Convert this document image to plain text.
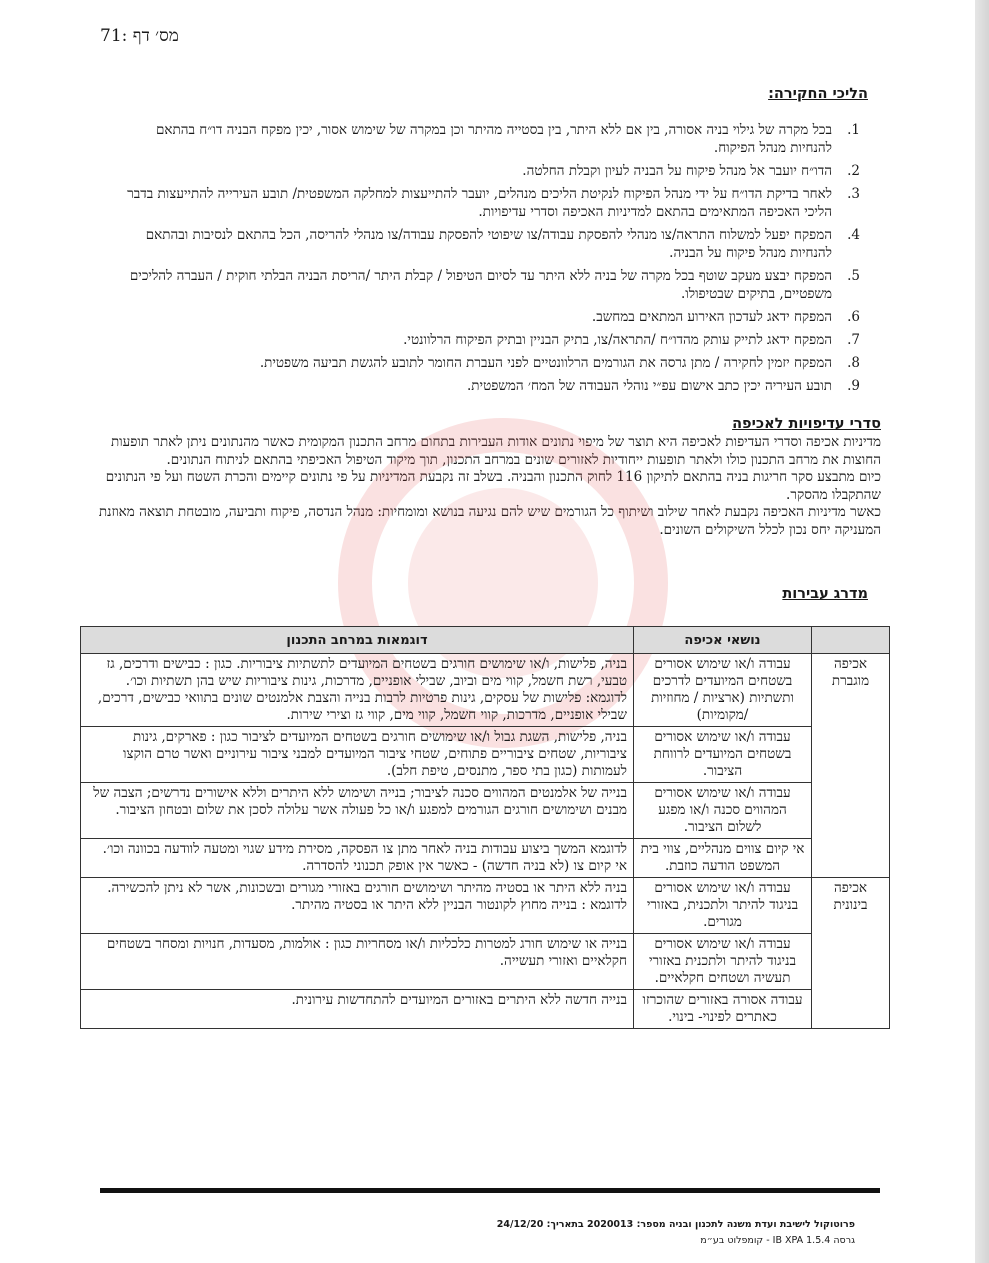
מס׳ דף :71
הליכי החקירה:
1.
בכל מקרה של גילוי בניה אסורה, בין אם ללא היתר, בין בסטייה מהיתר וכן במקרה של שימוש אסור, יכין מפקח הבניה דו״ח בהתאם להנחיות מנהל הפיקוח.
2.
הדו״ח יועבר אל מנהל פיקוח על הבניה לעיון וקבלת החלטה.
3.
לאחר בדיקת הדו״ח על ידי מנהל הפיקוח לנקיטת הליכים מנהלים, יועבר להתייעצות למחלקה המשפטית/ תובע העירייה להתייעצות בדבר הליכי האכיפה המתאימים בהתאם למדיניות האכיפה וסדרי עדיפויות.
4.
המפקח יפעל למשלוח התראה/צו מנהלי להפסקת עבודה/צו שיפוטי להפסקת עבודה/צו מנהלי להריסה, הכל בהתאם לנסיבות ובהתאם להנחיות מנהל פיקוח על הבניה.
5.
המפקח יבצע מעקב שוטף בכל מקרה של בניה ללא היתר עד לסיום הטיפול / קבלת היתר /הריסת הבניה הבלתי חוקית / העברה להליכים משפטיים, בתיקים שבטיפולו.
6.
המפקח ידאג לעדכון האירוע המתאים במחשב.
7.
המפקח ידאג לתייק עותק מהדו״ח /התראה/צו, בתיק הבניין ובתיק הפיקוח הרלוונטי.
8.
המפקח יזמין לחקירה / מתן גרסה את הגורמים הרלוונטיים לפני העברת החומר לתובע להגשת תביעה משפטית.
9.
תובע העיריה יכין כתב אישום עפ״י נוהלי העבודה של המח׳ המשפטית.
סדרי עדיפויות לאכיפה

מדיניות אכיפה וסדרי העדיפות לאכיפה היא תוצר של מיפוי נתונים אודות העבירות בתחום מרחב התכנון המקומית כאשר מהנתונים ניתן לאתר תופעות החוצות את מרחב התכנון כולו ולאתר תופעות ייחודיות לאזורים שונים במרחב התכנון, תוך מיקוד הטיפול האכיפתי בהתאם לניתוח הנתונים.

כיום מתבצע סקר חריגות בניה בהתאם לתיקון 116 לחוק התכנון והבניה. בשלב זה נקבעת המדיניות על פי נתונים קיימים והכרת השטח ועל פי הנתונים שהתקבלו מהסקר.

כאשר מדיניות האכיפה נקבעת לאחר שילוב ושיתוף כל הגורמים שיש להם נגיעה בנושא ומומחיות: מנהל הנדסה, פיקוח ותביעה, מובטחת תוצאה מאוזנת המעניקה יחס נכון לכלל השיקולים השונים.

מדרג עבירות
	נושאי אכיפה	דוגמאות במרחב התכנון
אכיפה מוגברת	עבודה ו/או שימוש אסורים בשטחים המיועדים לדרכים ותשתיות (ארציות / מחוזיות /מקומיות)	בניה, פלישות, ו/או שימושים חורגים בשטחים המיועדים לתשתיות ציבוריות. כגון : כבישים ודרכים, גז טבעי, רשת חשמל, קווי מים וביוב, שבילי אופניים, מדרכות, גינות ציבוריות שיש בהן תשתיות וכו׳. לדוגמא: פלישות של עסקים, גינות פרטיות לרבות בנייה והצבת אלמנטים שונים בתוואי כבישים, דרכים, שבילי אופניים, מדרכות, קווי חשמל, קווי מים, קווי גז וצירי שירות.
	עבודה ו/או שימוש אסורים בשטחים המיועדים לרווחת הציבור.	בניה, פלישות, השגת גבול ו/או שימושים חורגים בשטחים המיועדים לציבור כגון : פארקים, גינות ציבוריות, שטחים ציבוריים פתוחים, שטחי ציבור המיועדים למבני ציבור עירוניים ואשר טרם הוקצו לעמותות (כגון בתי ספר, מתנסים, טיפת חלב).
	עבודה ו/או שימוש אסורים המהווים סכנה ו/או מפגע לשלום הציבור.	בנייה של אלמנטים המהווים סכנה לציבור; בנייה ושימוש ללא היתרים וללא אישורים נדרשים; הצבה של מבנים ושימושים חורגים הגורמים למפגע ו/או כל פעולה אשר עלולה לסכן את שלום ובטחון הציבור.
	אי קיום צווים מנהליים, צווי בית המשפט הודעה כוזבת.	לדוגמא המשך ביצוע עבודות בניה לאחר מתן צו הפסקה, מסירת מידע שגוי ומטעה לוודעה בכוונה וכו׳. אי קיום צו (לא בניה חדשה) - כאשר אין אופק תכנוני להסדרה.
אכיפה בינונית	עבודה ו/או שימוש אסורים בניגוד להיתר ולתכנית, באזורי מגורים.	בניה ללא היתר או בסטיה מהיתר ושימושים חורגים באזורי מגורים ובשכונות, אשר לא ניתן להכשירה. לדוגמא : בנייה מחוץ לקונטור הבניין ללא היתר או בסטיה מהיתר.
	עבודה ו/או שימוש אסורים בניגוד להיתר ולתכנית באזורי תעשיה ושטחים חקלאיים.	בנייה או שימוש חורג למטרות כלכליות ו/או מסחריות כגון : אולמות, מסעדות, חנויות ומסחר בשטחים חקלאיים ואזורי תעשייה.
	עבודה אסורה באזורים שהוכרזו כאתרים לפינוי- בינוי.	בנייה חדשה ללא היתרים באזורים המיועדים להתחדשות עירונית.
פרוטוקול לישיבת ועדת משנה לתכנון ובניה מספר: 2020013 בתאריך: 24/12/20
גרסה IB XPA 1.5.4 - קומפלוט בע״מ
